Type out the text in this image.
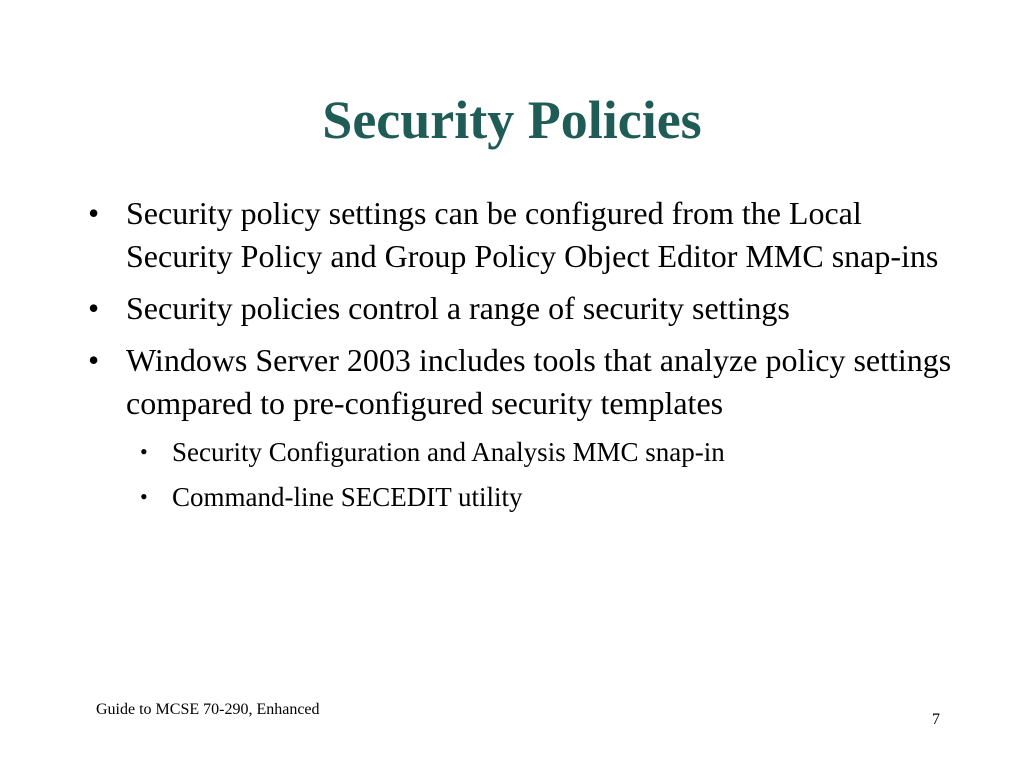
Security Policies
• Security policy settings can be configured from the Local Security Policy and Group Policy Object Editor MMC snap-ins
• Security policies control a range of security settings
• Windows Server 2003 includes tools that analyze policy settings compared to pre-configured security templates
• Security Configuration and Analysis MMC snap-in
• Command-line SECEDIT utility
Guide to MCSE 70-290, Enhanced
7
